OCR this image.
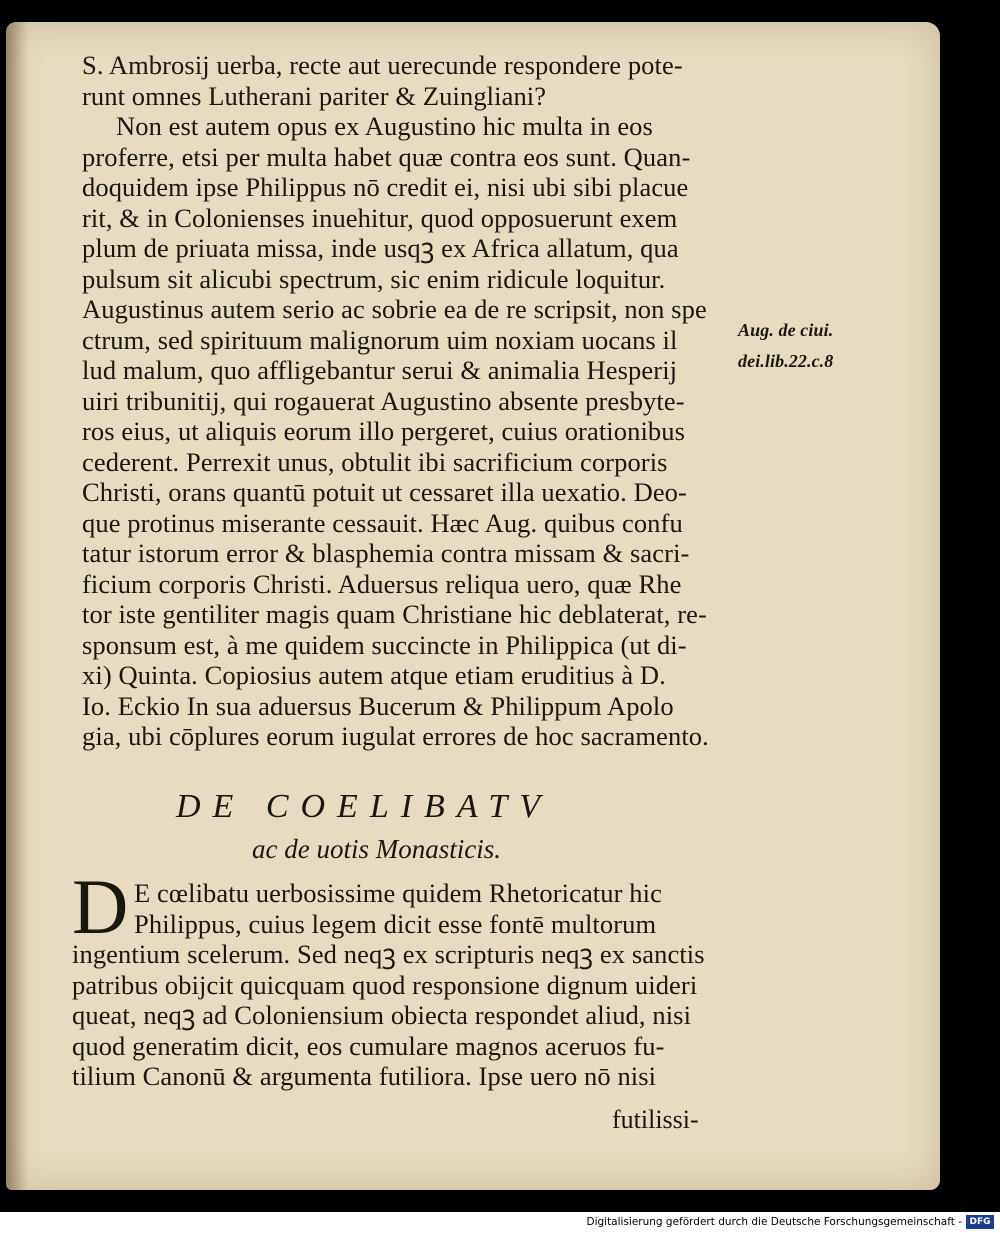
S. Ambrosij uerba, recte aut uerecunde respondere pote-
runt omnes Lutherani pariter & Zuingliani?
Non est autem opus ex Augustino hic multa in eos
proferre, etsi per multa habet quæ contra eos sunt. Quan-
doquidem ipse Philippus nō credit ei, nisi ubi sibi placue
rit, & in Colonienses inuehitur, quod opposuerunt exem
plum de priuata missa, inde usqꝫ ex Africa allatum, qua
pulsum sit alicubi spectrum, sic enim ridicule loquitur.
Augustinus autem serio ac sobrie ea de re scripsit, non spe
ctrum, sed spirituum malignorum uim noxiam uocans il
lud malum, quo affligebantur serui & animalia Hesperij
uiri tribunitij, qui rogauerat Augustino absente presbyte-
ros eius, ut aliquis eorum illo pergeret, cuius orationibus
cederent. Perrexit unus, obtulit ibi sacrificium corporis
Christi, orans quantū potuit ut cessaret illa uexatio. Deo-
que protinus miserante cessauit. Hæc Aug. quibus confu
tatur istorum error & blasphemia contra missam & sacri-
ficium corporis Christi. Aduersus reliqua uero, quæ Rhe
tor iste gentiliter magis quam Christiane hic deblaterat, re-
sponsum est, à me quidem succincte in Philippica (ut di-
xi) Quinta. Copiosius autem atque etiam eruditius à D.
Io. Eckio In sua aduersus Bucerum & Philippum Apolo
gia, ubi cōplures eorum iugulat errores de hoc sacramento.
Aug. de ciui.
dei.lib.22.c.8
DE COELIBATV
ac de uotis Monasticis.
D E cœlibatu uerbosissime quidem Rhetoricatur hic
Philippus, cuius legem dicit esse fontē multorum
ingentium scelerum. Sed neqꝫ ex scripturis neqꝫ ex sanctis
patribus obijcit quicquam quod responsione dignum uideri
queat, neqꝫ ad Coloniensium obiecta respondet aliud, nisi
quod generatim dicit, eos cumulare magnos aceruos fu-
tilium Canonū & argumenta futiliora. Ipse uero nō nisi
futilissi-
Digitalisierung gefördert durch die Deutsche Forschungsgemeinschaft - DFG
